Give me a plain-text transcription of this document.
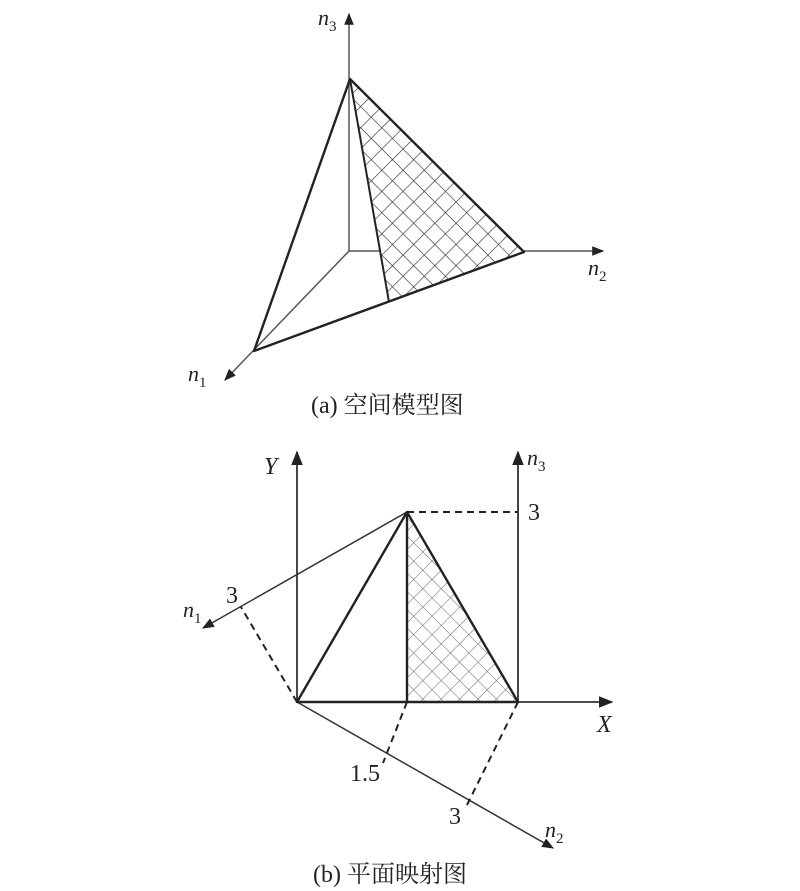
$n_3$
$n_2$
$n_1$
(a) 空间模型图
Y
X
$n_3$
$n_1$
$n_2$
3
3
1.5
3
(b) 平面映射图
